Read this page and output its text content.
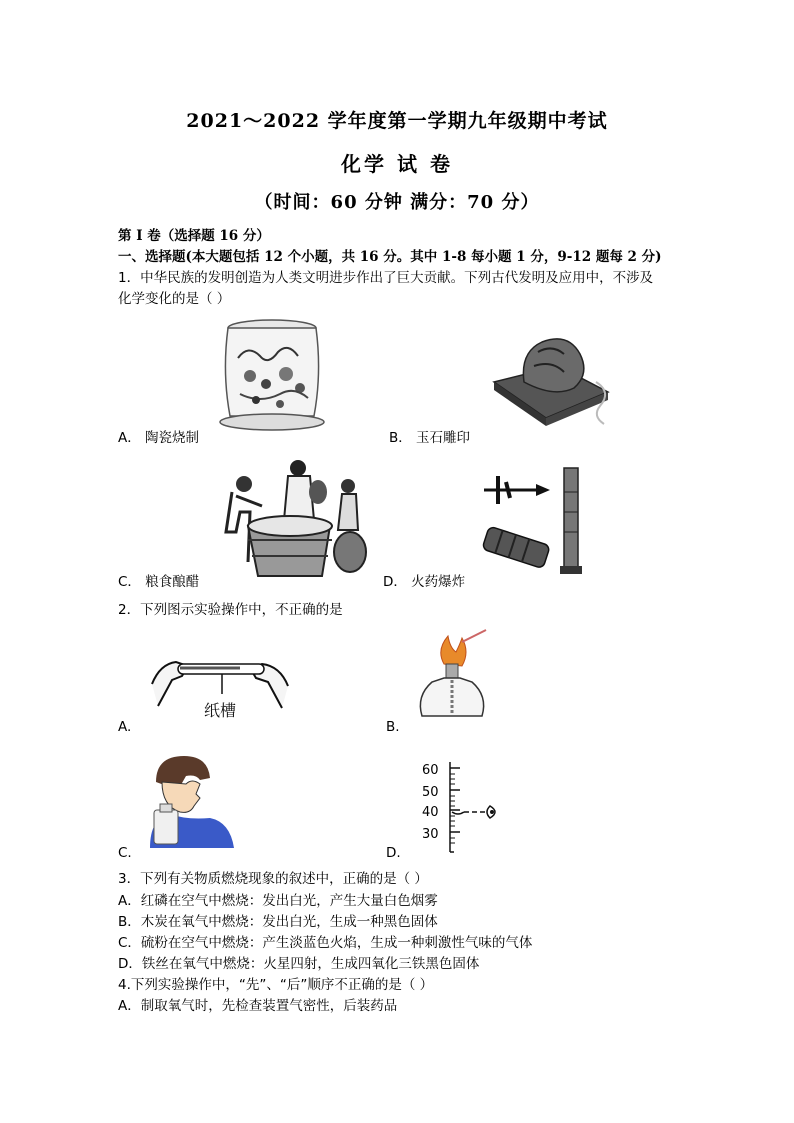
2021～2022 学年度第一学期九年级期中考试
化学 试 卷
（时间：60 分钟 满分：70 分）
第 I 卷（选择题 16 分）
一、选择题(本大题包括 12 个小题，共 16 分。其中 1-8 每小题 1 分，9-12 题每 2 分)
1．中华民族的发明创造为人类文明进步作出了巨大贡献。下列古代发明及应用中，不涉及
化学变化的是（ ）
A． 陶瓷烧制	B． 玉石雕印
C． 粮食酿醋	D． 火药爆炸
2．下列图示实验操作中，不正确的是
纸槽
A.	B.
C.
60
50
40
30
D.
3．下列有关物质燃烧现象的叙述中，正确的是（ ）
A．红磷在空气中燃烧：发出白光，产生大量白色烟雾
B．木炭在氧气中燃烧：发出白光，生成一种黑色固体
C．硫粉在空气中燃烧：产生淡蓝色火焰，生成一种刺激性气味的气体
D．铁丝在氧气中燃烧：火星四射，生成四氧化三铁黑色固体
4.下列实验操作中，“先”、“后”顺序不正确的是（ ）
A．制取氧气时，先检查装置气密性，后装药品
